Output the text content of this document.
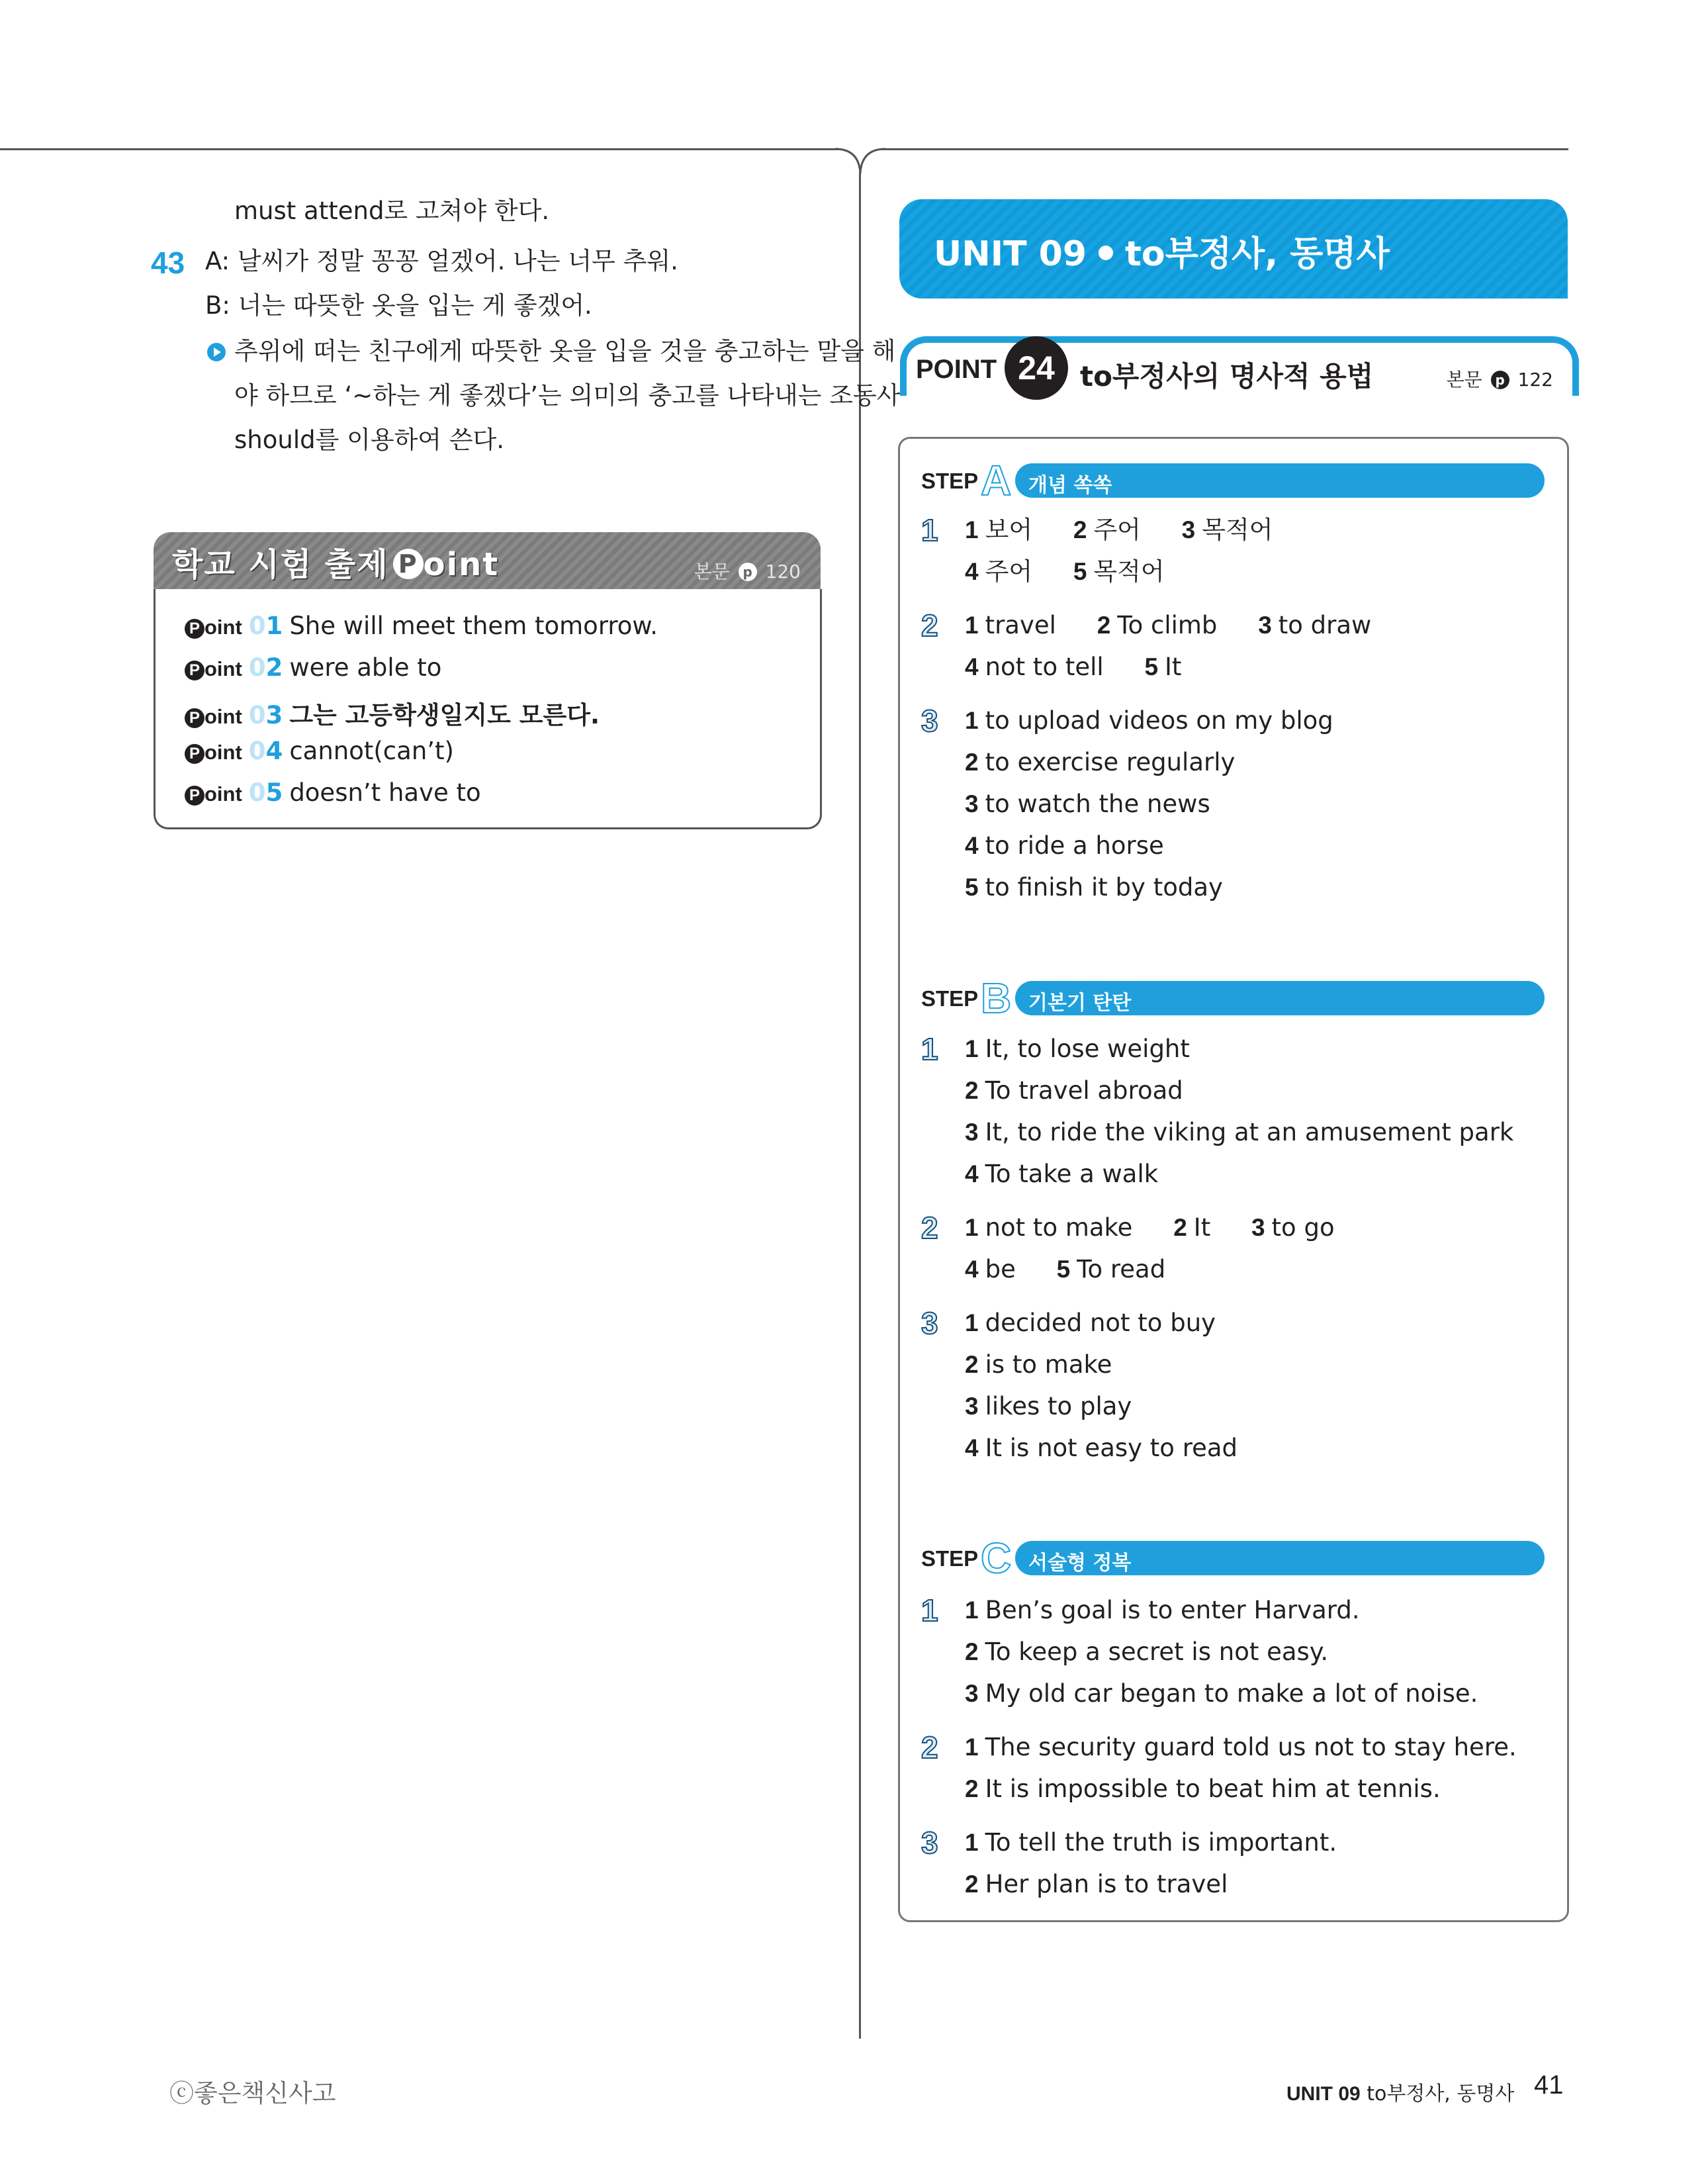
must attend로 고쳐야 한다.
43 A: 날씨가 정말 꽁꽁 얼겠어. 나는 너무 추워.
B: 너는 따뜻한 옷을 입는 게 좋겠어.
추위에 떠는 친구에게 따뜻한 옷을 입을 것을 충고하는 말을 해
야 하므로 ‘~하는 게 좋겠다’는 의미의 충고를 나타내는 조동사
should를 이용하여 쓴다.
학교 시험 출제 P oint	본문 p 120
P oint 01 She will meet them tomorrow.
P oint 02 were able to
P oint 03 그는 고등학생일지도 모른다.
P oint 04 cannot(can’t)
P oint 05 doesn’t have to
UNIT 09 to부정사, 동명사
POINT 24 to부정사의 명사적 용법	본문 p 122
STEP A 개념 쏙쏙
1 1 보어 2 주어 3 목적어
4 주어 5 목적어
2 1 travel 2 To climb 3 to draw
4 not to tell 5 It
3 1 to upload videos on my blog
2 to exercise regularly
3 to watch the news
4 to ride a horse
5 to finish it by today
STEP B 기본기 탄탄
1 1 It, to lose weight
2 To travel abroad
3 It, to ride the viking at an amusement park
4 To take a walk
2 1 not to make 2 It 3 to go
4 be 5 To read
3 1 decided not to buy
2 is to make
3 likes to play
4 It is not easy to read
STEP C 서술형 정복
1 1 Ben’s goal is to enter Harvard.
2 To keep a secret is not easy.
3 My old car began to make a lot of noise.
2 1 The security guard told us not to stay here.
2 It is impossible to beat him at tennis.
3 1 To tell the truth is important.
2 Her plan is to travel
ⓒ좋은책신사고	UNIT 09 to부정사, 동명사 41
